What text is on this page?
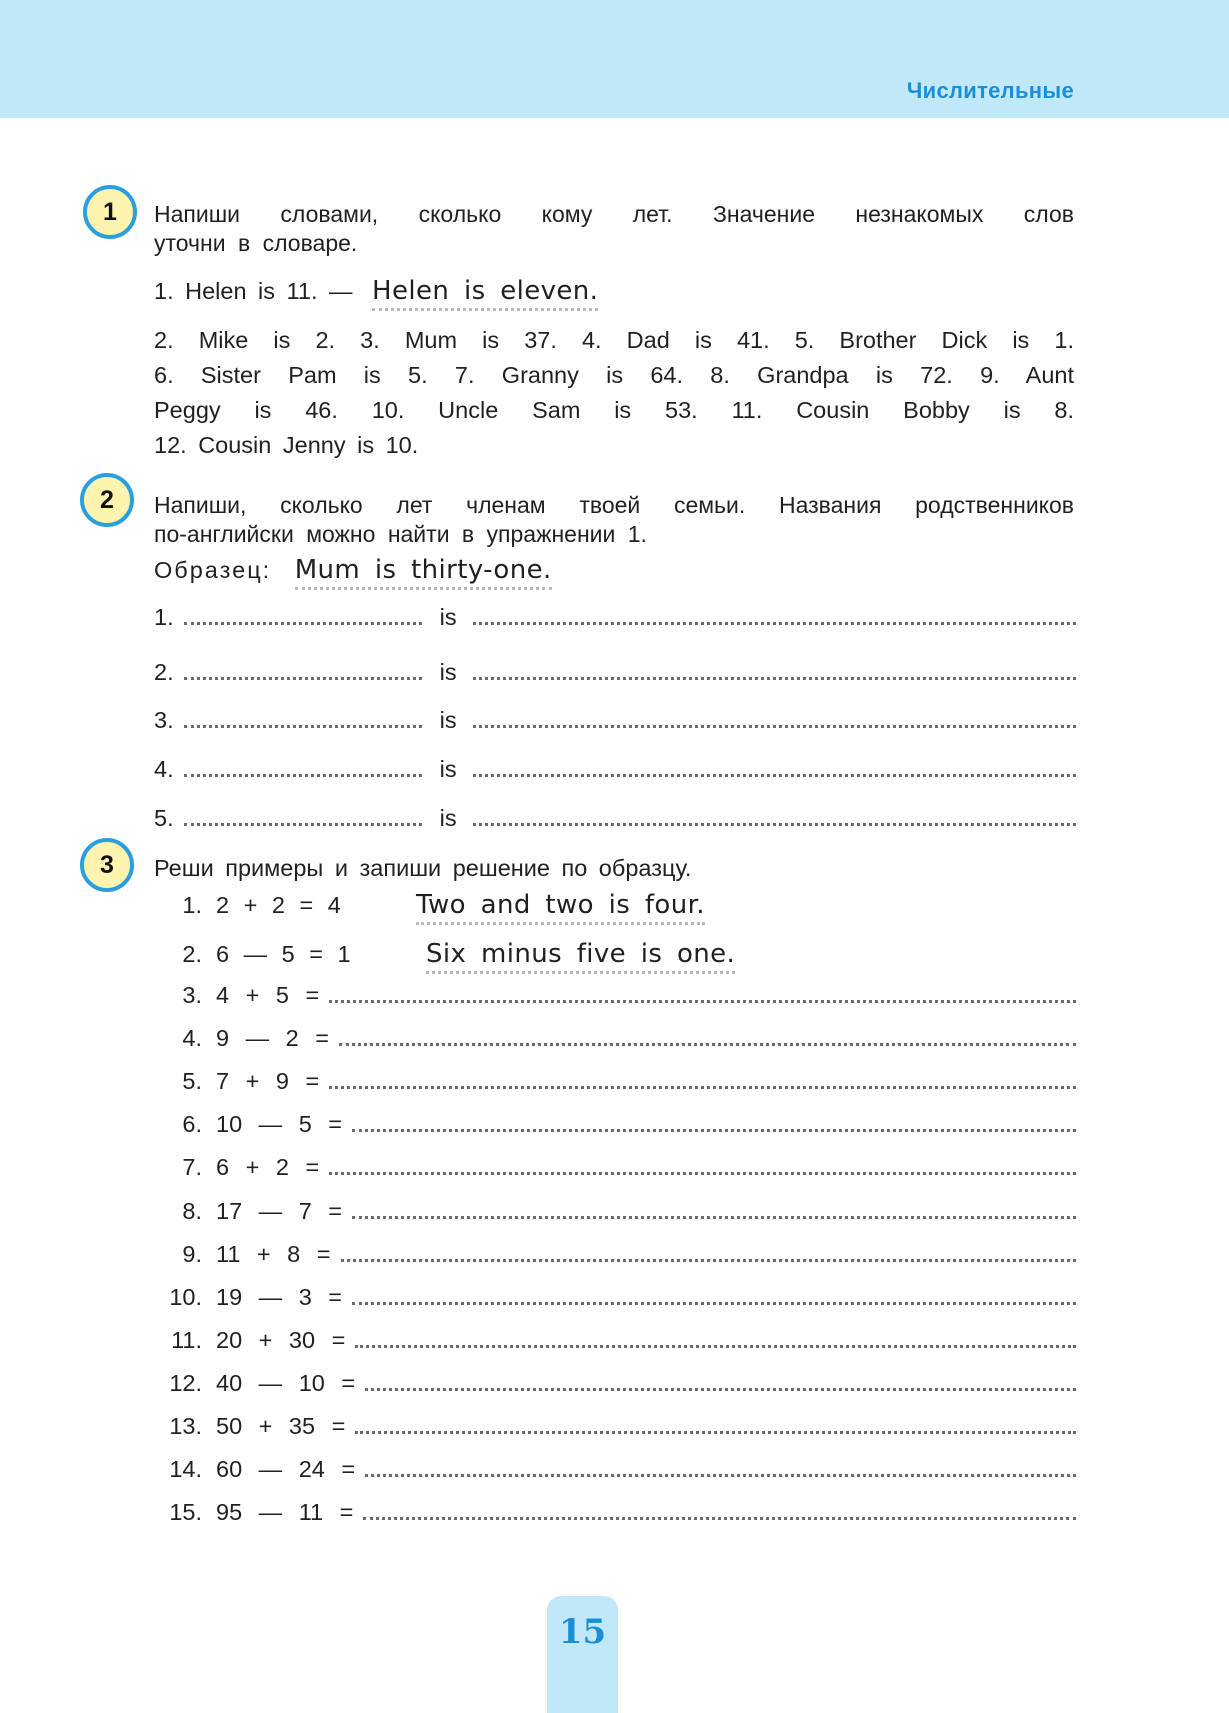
Числительные
1	Напиши словами, сколько кому лет. Значение незнакомых слов
уточни в словаре.
1. Helen is 11. — Helen is eleven.
2. Mike is 2. 3. Mum is 37. 4. Dad is 41. 5. Brother Dick is 1.
6. Sister Pam is 5. 7. Granny is 64. 8. Grandpa is 72. 9. Aunt
Peggy is 46. 10. Uncle Sam is 53. 11. Cousin Bobby is 8.
12. Cousin Jenny is 10.
2	Напиши, сколько лет членам твоей семьи. Названия родственников
по-английски можно найти в упражнении 1.
Образец: Mum is thirty-one.
1.	is
2.	is
3.	is
4.	is
5.	is
3	Реши примеры и запиши решение по образцу.
1. 2 + 2 = 4	Two and two is four.
2. 6 — 5 = 1	Six minus five is one.
3. 4 + 5 =
4. 9 — 2 =
5. 7 + 9 =
6. 10 — 5 =
7. 6 + 2 =
8. 17 — 7 =
9. 11 + 8 =
10. 19 — 3 =
11. 20 + 30 =
12. 40 — 10 =
13. 50 + 35 =
14. 60 — 24 =
15. 95 — 11 =
15
